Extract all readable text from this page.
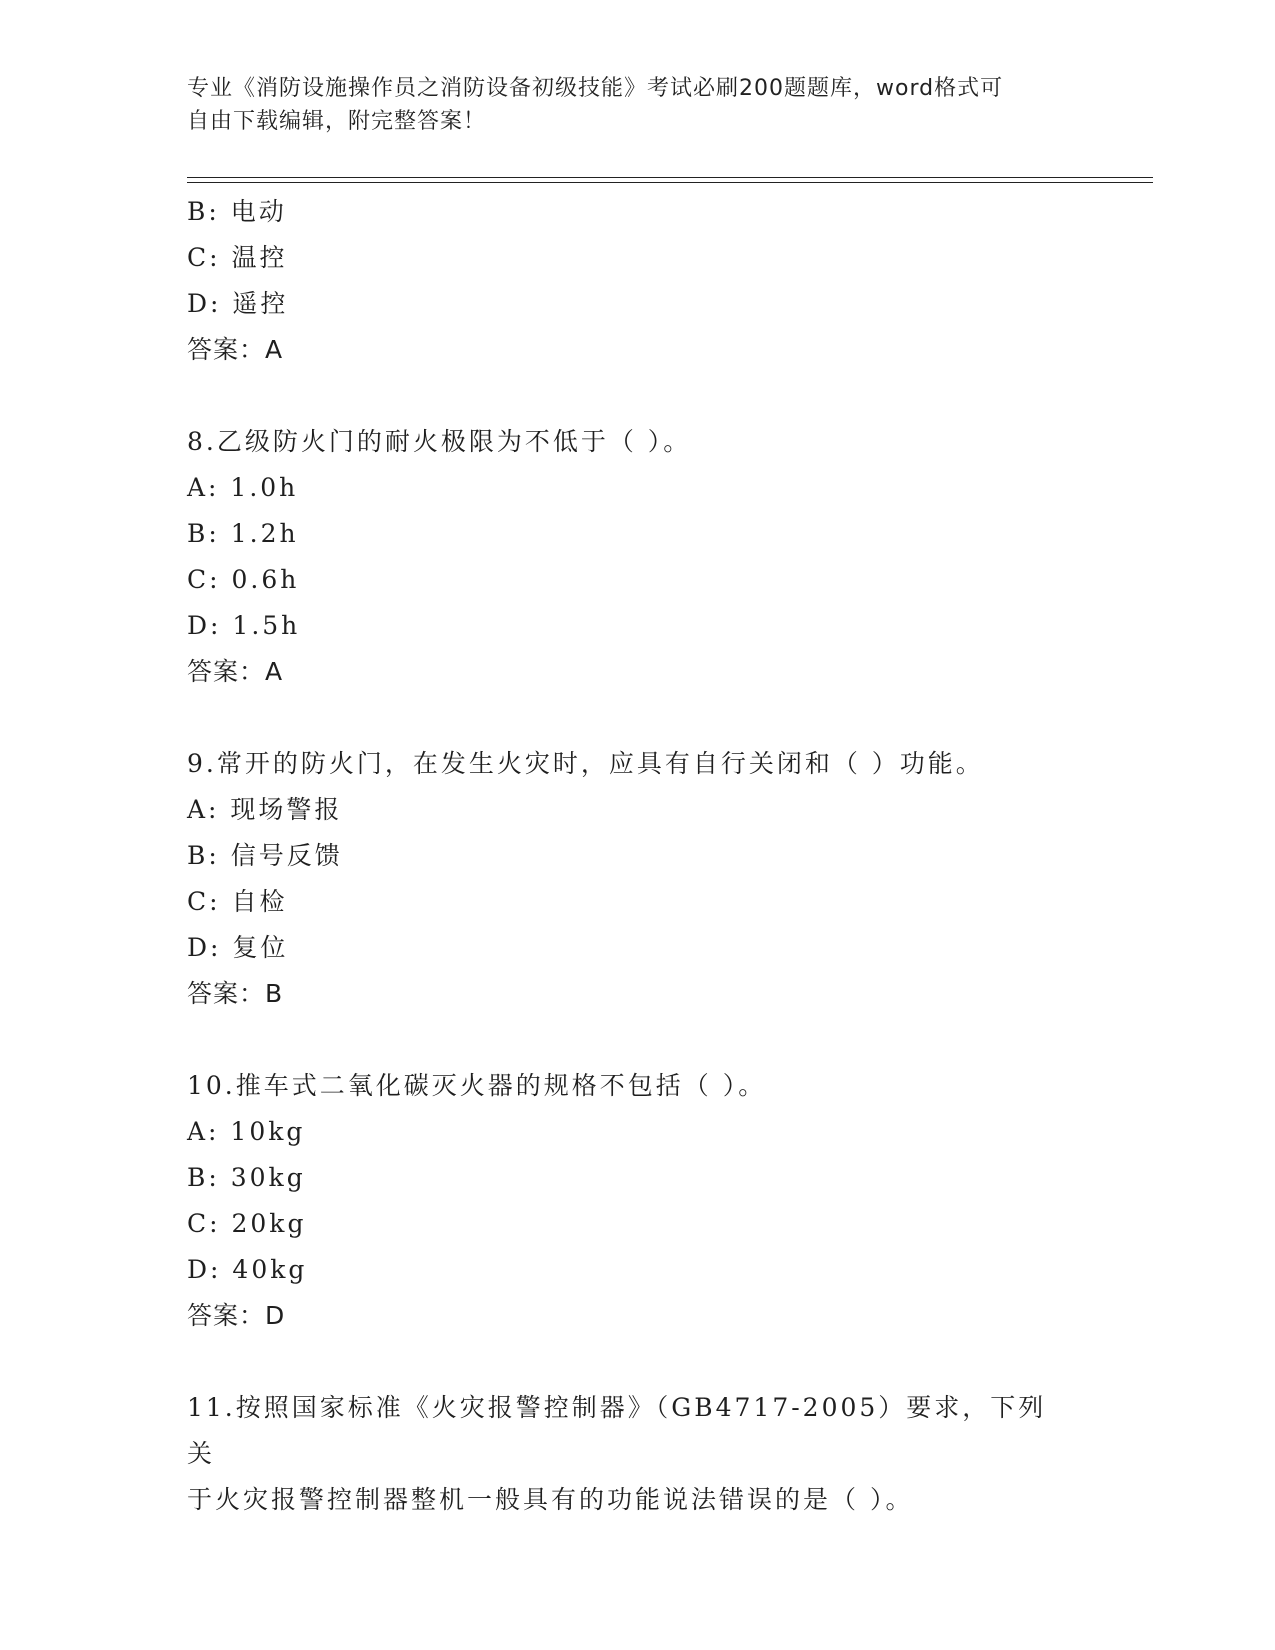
专业《消防设施操作员之消防设备初级技能》考试必刷200题题库，word格式可
自由下载编辑，附完整答案！
B: 电动
C: 温控
D: 遥控
答案：A
8.乙级防火门的耐火极限为不低于（ ）。
A: 1.0h
B: 1.2h
C: 0.6h
D: 1.5h
答案：A
9.常开的防火门，在发生火灾时，应具有自行关闭和（ ）功能。
A: 现场警报
B: 信号反馈
C: 自检
D: 复位
答案：B
10.推车式二氧化碳灭火器的规格不包括（ ）。
A: 10kg
B: 30kg
C: 20kg
D: 40kg
答案：D
11.按照国家标准《火灾报警控制器》（GB4717-2005）要求，下列关
于火灾报警控制器整机一般具有的功能说法错误的是（ ）。
